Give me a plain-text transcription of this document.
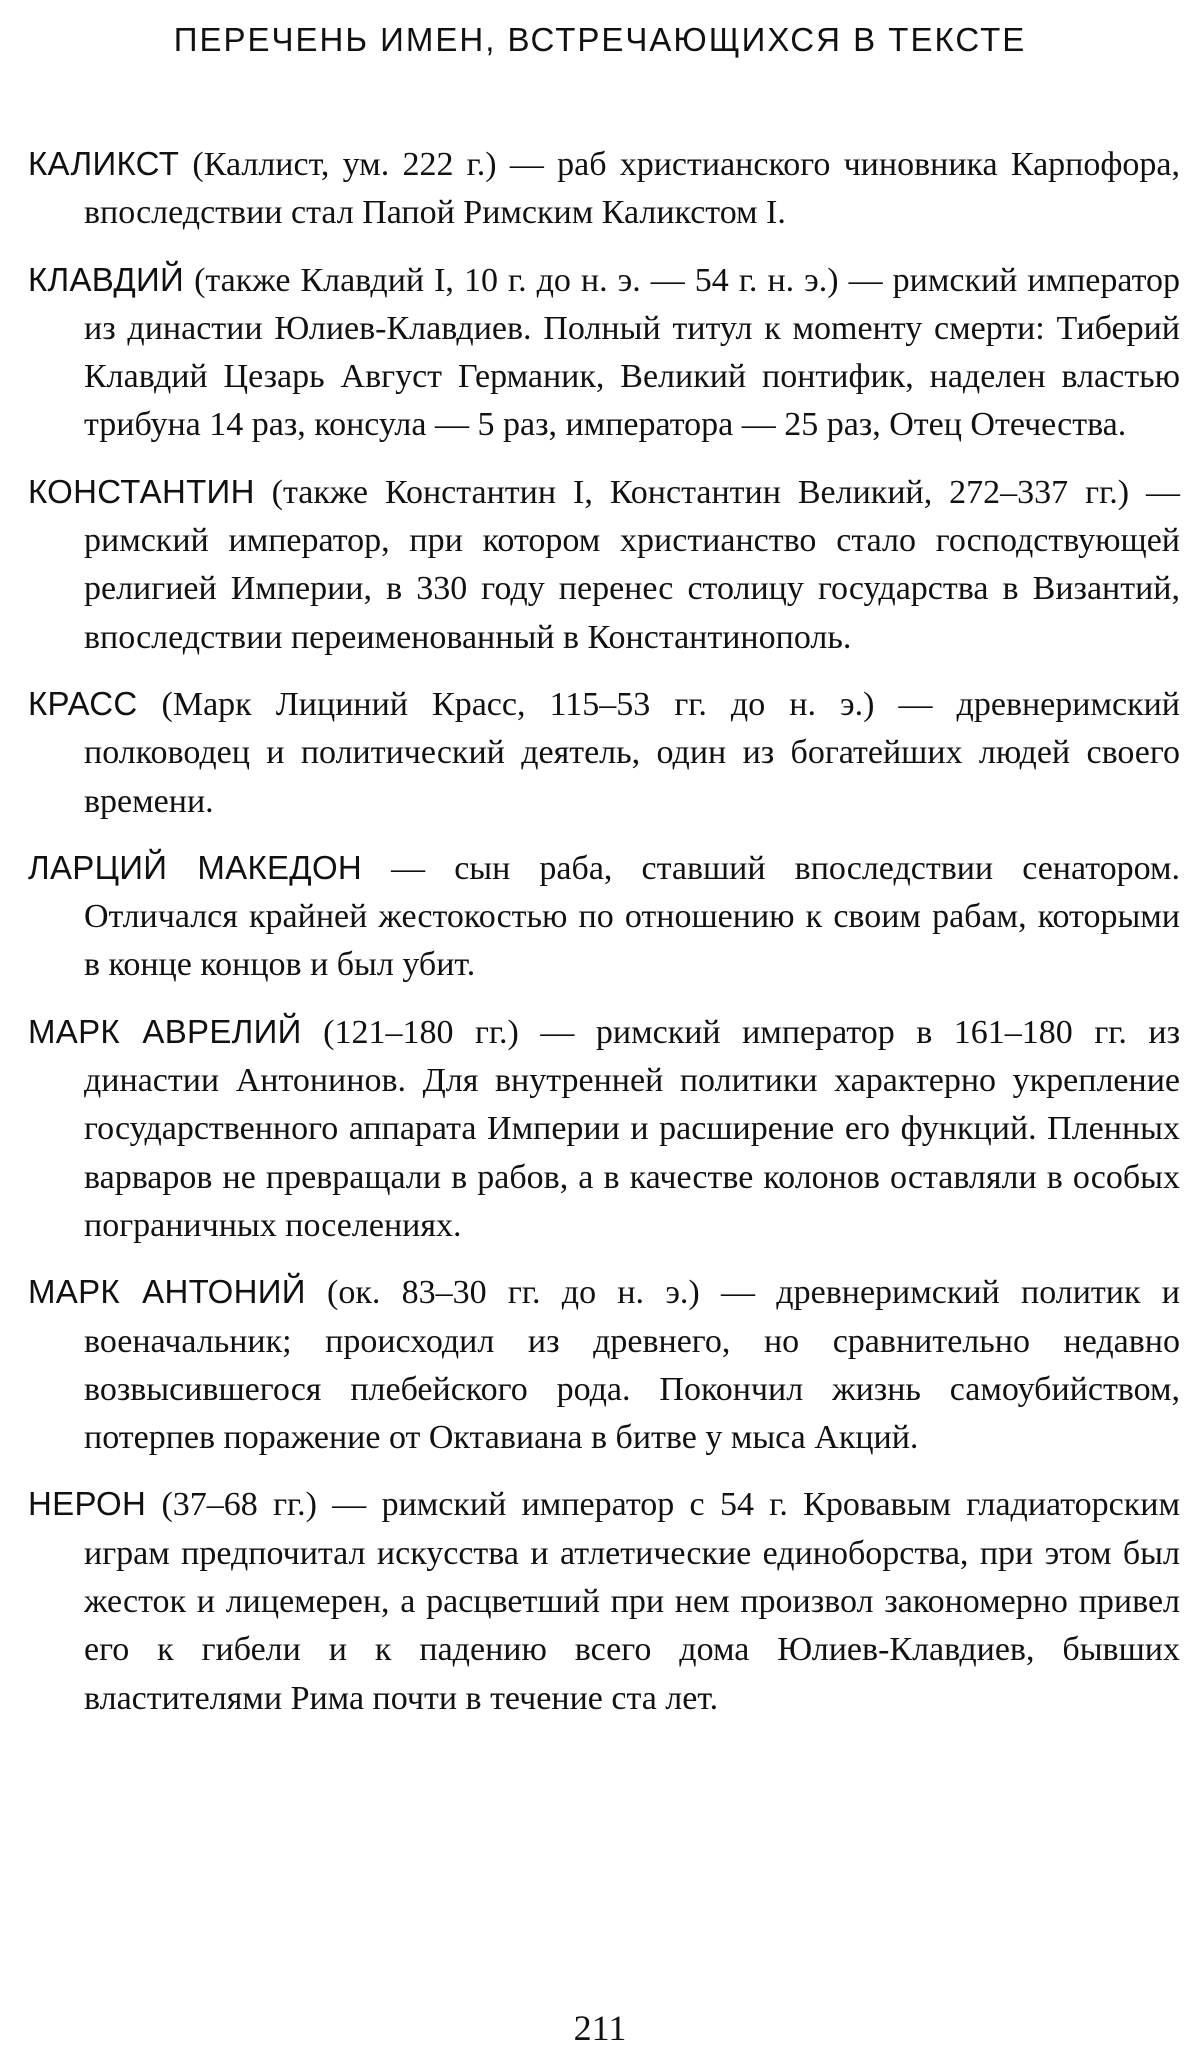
ПЕРЕЧЕНЬ ИМЕН, ВСТРЕЧАЮЩИХСЯ В ТЕКСТЕ

КАЛИКСТ (Каллист, ум. 222 г.) — раб христианского чиновника Карпофора, впоследствии стал Папой Римским Каликстом I.

КЛАВДИЙ (также Клавдий I, 10 г. до н. э. — 54 г. н. э.) — римский император из династии Юлиев-Клавдиев. Полный титул к моmенту смерти: Тиберий Клавдий Цезарь Август Германик, Великий понтифик, наделен властью трибуна 14 раз, консула — 5 раз, императора — 25 раз, Отец Отечества.

КОНСТАНТИН (также Константин I, Константин Великий, 272–337 гг.) — римский император, при котором христианство стало господствующей религией Империи, в 330 году перенес столицу государства в Византий, впоследствии переименованный в Константинополь.

КРАСС (Марк Лициний Красс, 115–53 гг. до н. э.) — древнеримский полководец и политический деятель, один из богатейших людей своего времени.

ЛАРЦИЙ МАКЕДОН — сын раба, ставший впоследствии сенатором. Отличался крайней жестокостью по отношению к своим рабам, которыми в конце концов и был убит.

МАРК АВРЕЛИЙ (121–180 гг.) — римский император в 161–180 гг. из династии Антонинов. Для внутренней политики характерно укрепление государственного аппарата Империи и расширение его функций. Пленных варваров не превращали в рабов, а в качестве колонов оставляли в особых пограничных поселениях.

МАРК АНТОНИЙ (ок. 83–30 гг. до н. э.) — древнеримский политик и военачальник; происходил из древнего, но сравнительно недавно возвысившегося плебейского рода. Покончил жизнь самоубийством, потерпев поражение от Октавиана в битве у мыса Акций.

НЕРОН (37–68 гг.) — римский император с 54 г. Кровавым гладиаторским играм предпочитал искусства и атлетические единоборства, при этом был жесток и лицемерен, а расцветший при нем произвол закономерно привел его к гибели и к падению всего дома Юлиев-Клавдиев, бывших властителями Рима почти в течение ста лет.

211
